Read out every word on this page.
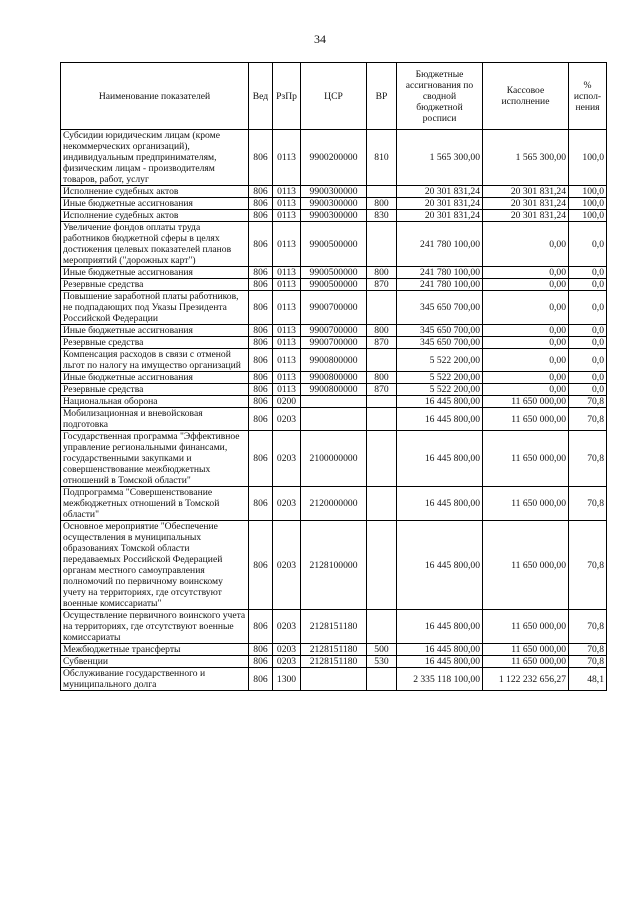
34
Наименование показателей	Вед	РзПр	ЦСР	ВР	Бюджетные ассигнования по сводной бюджетной росписи	Кассовое исполнение	% испол-нения
Субсидии юридическим лицам (кроме некоммерческих организаций), индивидуальным предпринимателям, физическим лицам - производителям товаров, работ, услуг	806	0113	9900200000	810	1 565 300,00	1 565 300,00	100,0
Исполнение судебных актов	806	0113	9900300000		20 301 831,24	20 301 831,24	100,0
Иные бюджетные ассигнования	806	0113	9900300000	800	20 301 831,24	20 301 831,24	100,0
Исполнение судебных актов	806	0113	9900300000	830	20 301 831,24	20 301 831,24	100,0
Увеличение фондов оплаты труда работников бюджетной сферы в целях достижения целевых показателей планов мероприятий ("дорожных карт")	806	0113	9900500000		241 780 100,00	0,00	0,0
Иные бюджетные ассигнования	806	0113	9900500000	800	241 780 100,00	0,00	0,0
Резервные средства	806	0113	9900500000	870	241 780 100,00	0,00	0,0
Повышение заработной платы работников, не подпадающих под Указы Президента Российской Федерации	806	0113	9900700000		345 650 700,00	0,00	0,0
Иные бюджетные ассигнования	806	0113	9900700000	800	345 650 700,00	0,00	0,0
Резервные средства	806	0113	9900700000	870	345 650 700,00	0,00	0,0
Компенсация расходов в связи с отменой льгот по налогу на имущество организаций	806	0113	9900800000		5 522 200,00	0,00	0,0
Иные бюджетные ассигнования	806	0113	9900800000	800	5 522 200,00	0,00	0,0
Резервные средства	806	0113	9900800000	870	5 522 200,00	0,00	0,0
Национальная оборона	806	0200			16 445 800,00	11 650 000,00	70,8
Мобилизационная и вневойсковая подготовка	806	0203			16 445 800,00	11 650 000,00	70,8
Государственная программа "Эффективное управление региональными финансами, государственными закупками и совершенствование межбюджетных отношений в Томской области"	806	0203	2100000000		16 445 800,00	11 650 000,00	70,8
Подпрограмма "Совершенствование межбюджетных отношений в Томской области"	806	0203	2120000000		16 445 800,00	11 650 000,00	70,8
Основное мероприятие "Обеспечение осуществления в муниципальных образованиях Томской области передаваемых Российской Федерацией органам местного самоуправления полномочий по первичному воинскому учету на территориях, где отсутствуют военные комиссариаты"	806	0203	2128100000		16 445 800,00	11 650 000,00	70,8
Осуществление первичного воинского учета на территориях, где отсутствуют военные комиссариаты	806	0203	2128151180		16 445 800,00	11 650 000,00	70,8
Межбюджетные трансферты	806	0203	2128151180	500	16 445 800,00	11 650 000,00	70,8
Субвенции	806	0203	2128151180	530	16 445 800,00	11 650 000,00	70,8
Обслуживание государственного и муниципального долга	806	1300			2 335 118 100,00	1 122 232 656,27	48,1
